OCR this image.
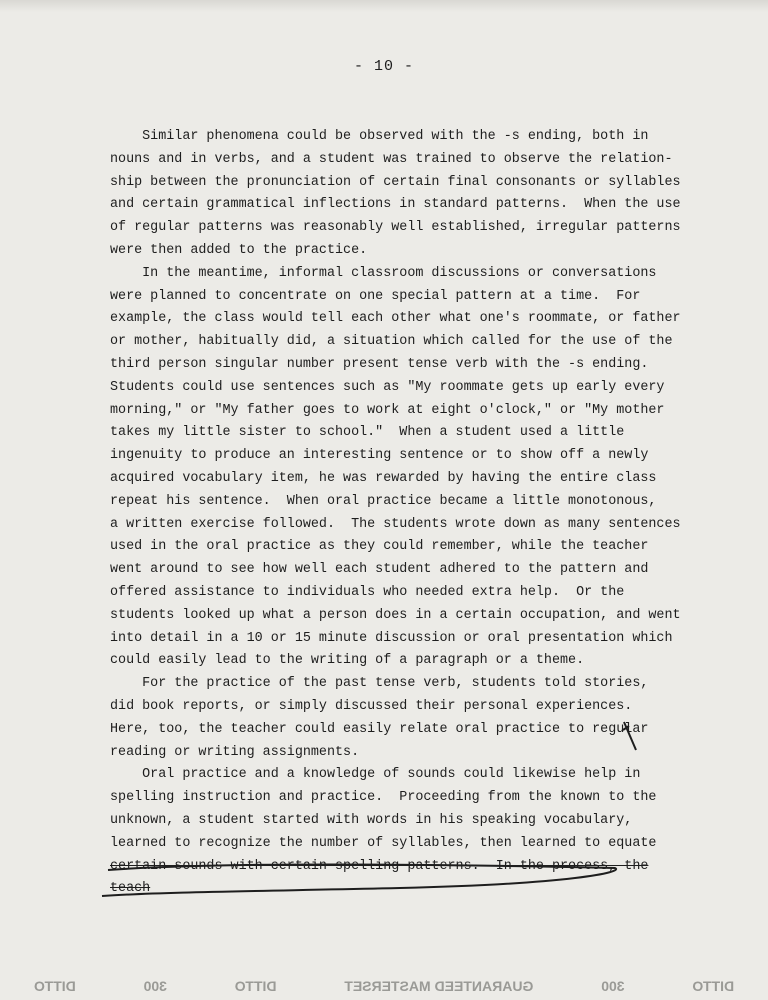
- 10 -
Similar phenomena could be observed with the -s ending, both in
nouns and in verbs, and a student was trained to observe the relation-
ship between the pronunciation of certain final consonants or syllables
and certain grammatical inflections in standard patterns.  When the use
of regular patterns was reasonably well established, irregular patterns
were then added to the practice.
In the meantime, informal classroom discussions or conversations
were planned to concentrate on one special pattern at a time.  For
example, the class would tell each other what one's roommate, or father
or mother, habitually did, a situation which called for the use of the
third person singular number present tense verb with the -s ending.
Students could use sentences such as "My roommate gets up early every
morning," or "My father goes to work at eight o'clock," or "My mother
takes my little sister to school."  When a student used a little
ingenuity to produce an interesting sentence or to show off a newly
acquired vocabulary item, he was rewarded by having the entire class
repeat his sentence.  When oral practice became a little monotonous,
a written exercise followed.  The students wrote down as many sentences
used in the oral practice as they could remember, while the teacher
went around to see how well each student adhered to the pattern and
offered assistance to individuals who needed extra help.  Or the
students looked up what a person does in a certain occupation, and went
into detail in a 10 or 15 minute discussion or oral presentation which
could easily lead to the writing of a paragraph or a theme.
For the practice of the past tense verb, students told stories,
did book reports, or simply discussed their personal experiences.
Here, too, the teacher could easily relate oral practice to regular
reading or writing assignments.
Oral practice and a knowledge of sounds could likewise help in
spelling instruction and practice.  Proceeding from the known to the
unknown, a student started with words in his speaking vocabulary,
learned to recognize the number of syllables, then learned to equate
certain sounds with certain spelling patterns.  In the process, the
teach
DITTO
300
GUARANTEED MASTERSET
DITTO
300
DITTO
